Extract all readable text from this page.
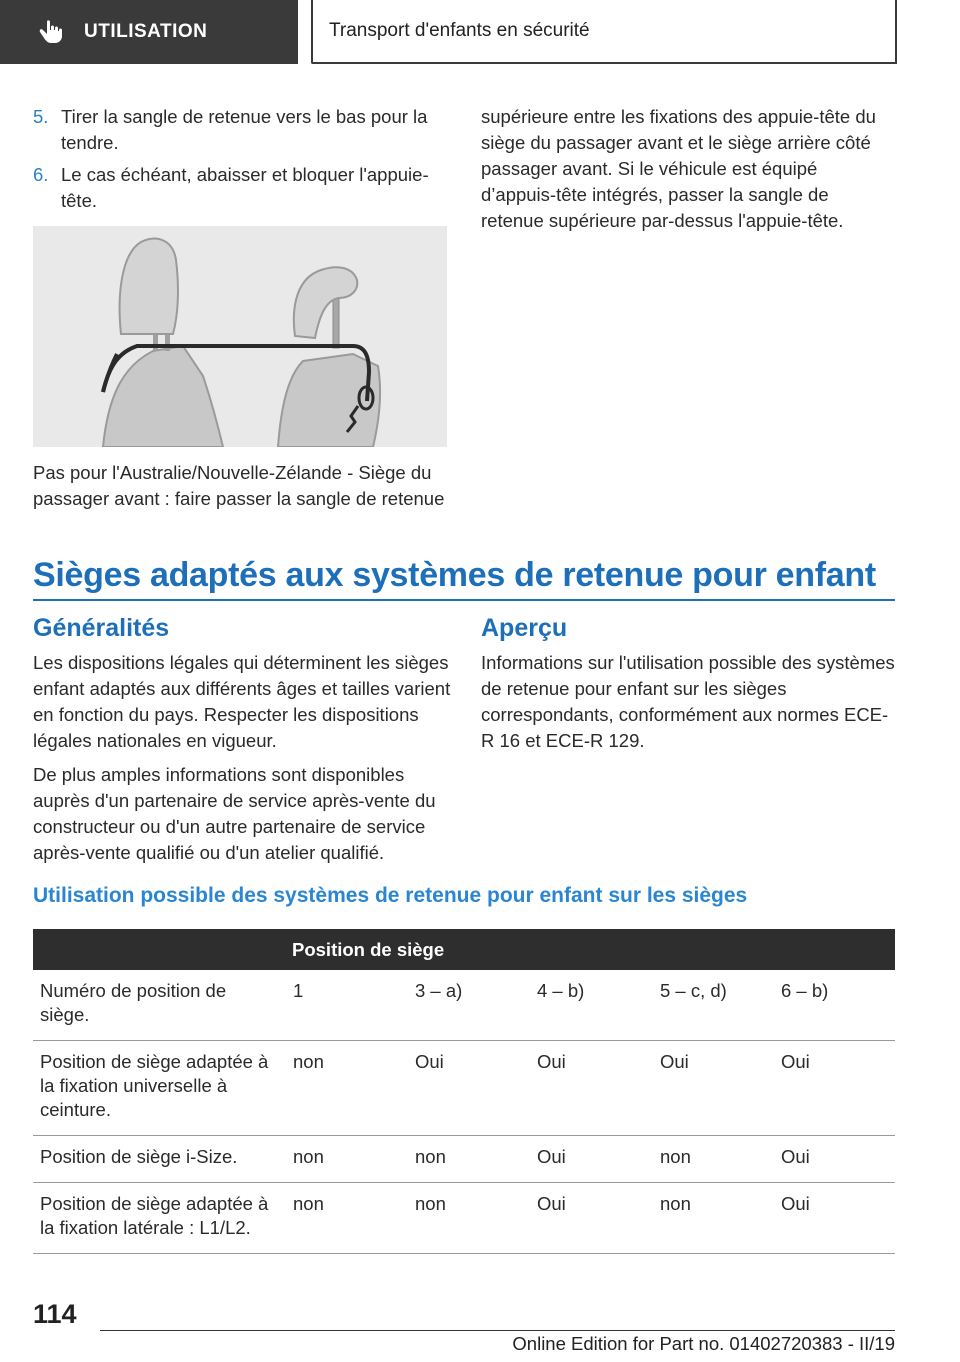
UTILISATION	Transport d'enfants en sécurité
5. Tirer la sangle de retenue vers le bas pour la tendre.
6. Le cas échéant, abaisser et bloquer l'appuie-tête.
Pas pour l'Australie/Nouvelle-Zélande - Siège du passager avant : faire passer la sangle de retenue
supérieure entre les fixations des appuie-tête du siège du passager avant et le siège arrière côté passager avant. Si le véhicule est équipé d’appuis-tête intégrés, passer la sangle de retenue supérieure par-dessus l'appuie-tête.
Sièges adaptés aux systèmes de retenue pour enfant
Généralités

Les dispositions légales qui déterminent les sièges enfant adaptés aux différents âges et tailles varient en fonction du pays. Respecter les dispositions légales nationales en vigueur.

De plus amples informations sont disponibles auprès d'un partenaire de service après-vente du constructeur ou d'un autre partenaire de service après-vente qualifié ou d'un atelier qualifié.

Aperçu
Informations sur l'utilisation possible des systèmes de retenue pour enfant sur les sièges correspondants, conformément aux normes ECE-R 16 et ECE-R 129.
Utilisation possible des systèmes de retenue pour enfant sur les sièges
	Position de siège				
Numéro de position de siège.	1	3 – a)	4 – b)	5 – c, d)	6 – b)
Position de siège adaptée à la fixation universelle à ceinture.	non	Oui	Oui	Oui	Oui
Position de siège i-Size.	non	non	Oui	non	Oui
Position de siège adaptée à la fixation latérale : L1/L2.	non	non	Oui	non	Oui
114
Online Edition for Part no. 01402720383 - II/19
